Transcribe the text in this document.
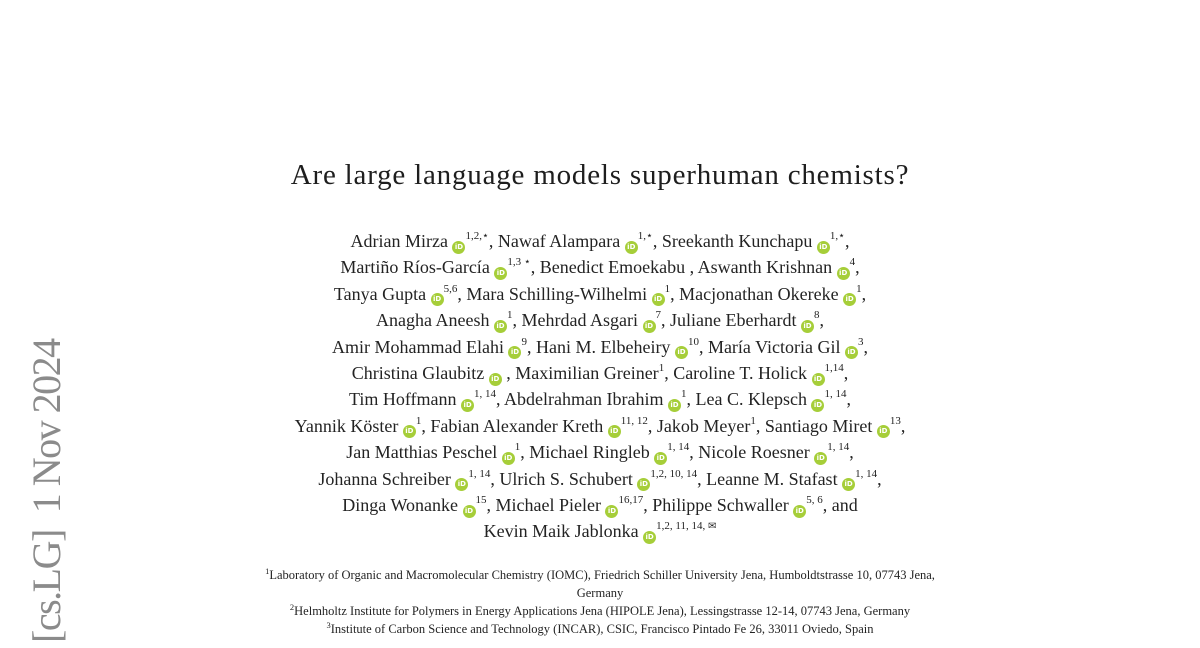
[cs.LG]  1 Nov 2024
Are large language models superhuman chemists?
Adrian Mirza $iD^{1,2,⋆}$, Nawaf Alampara $iD^{1,⋆}$, Sreekanth Kunchapu $iD^{1,⋆}$,
Martiño Ríos-García $iD^{1,3 ⋆}$, Benedict Emoekabu , Aswanth Krishnan $iD^4$,
Tanya Gupta iD$^{5,6}$, Mara Schilling-Wilhelmi $iD^1$, Macjonathan Okereke $iD^1$,
Anagha Aneesh $iD^1$, Mehrdad Asgari $iD^7$, Juliane Eberhardt $iD^8$,
Amir Mohammad Elahi $iD^9$, Hani M. Elbeheiry $iD^{10}$, María Victoria Gil $iD^3$,
Christina Glaubitz iD , Maximilian Greiner$^1$, Caroline T. Holick iD$^{1,14}$,
Tim Hoffmann iD$^{1, 14}$, Abdelrahman Ibrahim $iD^1$, Lea C. Klepsch iD$^{1, 14}$,
Yannik Köster $iD^1$, Fabian Alexander Kreth iD$^{11, 12}$, Jakob Meyer$^1$, Santiago Miret $iD^{13}$,
Jan Matthias Peschel $iD^1$, Michael Ringleb iD$^{1, 14}$, Nicole Roesner iD$^{1, 14}$,
Johanna Schreiber iD$^{1, 14}$, Ulrich S. Schubert iD$^{1,2, 10, 14}$, Leanne M. Stafast iD$^{1, 14}$,
Dinga Wonanke $iD^{15}$, Michael Pieler iD$^{16,17}$, Philippe Schwaller iD$^{5, 6}$, and
Kevin Maik Jablonka $iD^{1,2, 11, 14,}$ ✉
$^1$Laboratory of Organic and Macromolecular Chemistry (IOMC), Friedrich Schiller University Jena, Humboldtstrasse 10, 07743 Jena, Germany
$^2$Helmholtz Institute for Polymers in Energy Applications Jena (HIPOLE Jena), Lessingstrasse 12-14, 07743 Jena, Germany
$^3$Institute of Carbon Science and Technology (INCAR), CSIC, Francisco Pintado Fe 26, 33011 Oviedo, Spain
